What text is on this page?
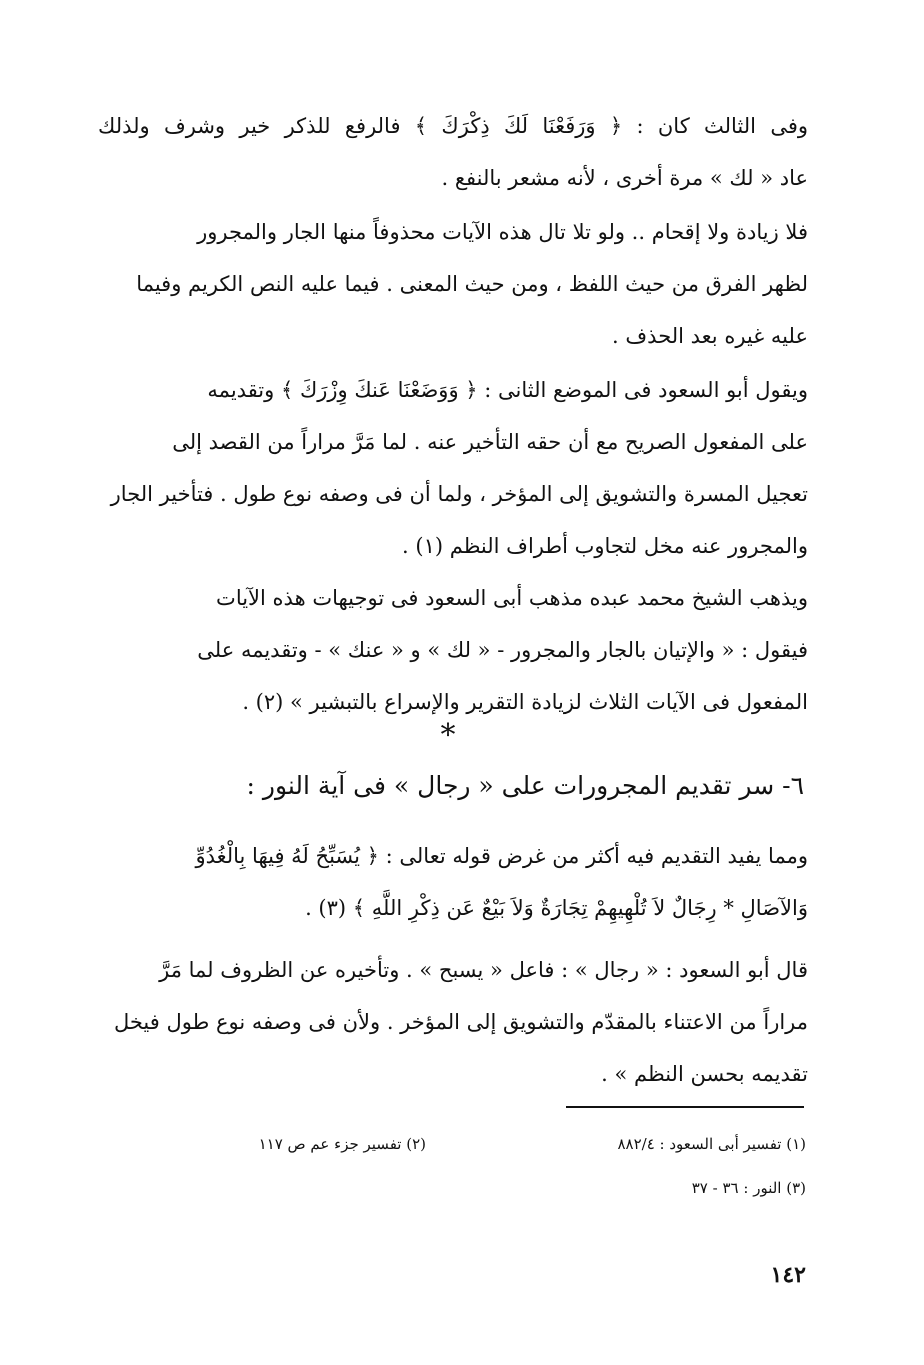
وفى الثالث كان : ﴿ وَرَفَعْنَا لَكَ ذِكْرَكَ ﴾ فالرفع للذكر خير وشرف ولذلك
عاد « لك » مرة أخرى ، لأنه مشعر بالنفع .
فلا زيادة ولا إقحام .. ولو تلا تال هذه الآيات محذوفاً منها الجار والمجرور
لظهر الفرق من حيث اللفظ ، ومن حيث المعنى . فيما عليه النص الكريم وفيما
عليه غيره بعد الحذف .
ويقول أبو السعود فى الموضع الثانى : ﴿ وَوَضَعْنَا عَنكَ وِزْرَكَ ﴾ وتقديمه
على المفعول الصريح مع أن حقه التأخير عنه . لما مَرَّ مراراً من القصد إلى
تعجيل المسرة والتشويق إلى المؤخر ، ولما أن فى وصفه نوع طول . فتأخير الجار
والمجرور عنه مخل لتجاوب أطراف النظم (١) .
ويذهب الشيخ محمد عبده مذهب أبى السعود فى توجيهات هذه الآيات
فيقول : « والإتيان بالجار والمجرور - « لك » و « عنك » - وتقديمه على
المفعول فى الآيات الثلاث لزيادة التقرير والإسراع بالتبشير » (٢) .
*
٦- سر تقديم المجرورات على « رجال » فى آية النور :
ومما يفيد التقديم فيه أكثر من غرض قوله تعالى : ﴿ يُسَبِّحُ لَهُ فِيهَا بِالْغُدُوِّ
وَالآصَالِ * رِجَالٌ لاَ تُلْهِيهِمْ تِجَارَةٌ وَلاَ بَيْعٌ عَن ذِكْرِ اللَّهِ ﴾ (٣) .
قال أبو السعود : « رجال » : فاعل « يسبح » . وتأخيره عن الظروف لما مَرَّ
مراراً من الاعتناء بالمقدّم والتشويق إلى المؤخر . ولأن فى وصفه نوع طول فيخل
تقديمه بحسن النظم » .
(١) تفسير أبى السعود : ٨٨٢/٤
(٢) تفسير جزء عم ص ١١٧
(٣) النور : ٣٦ - ٣٧
١٤٢
